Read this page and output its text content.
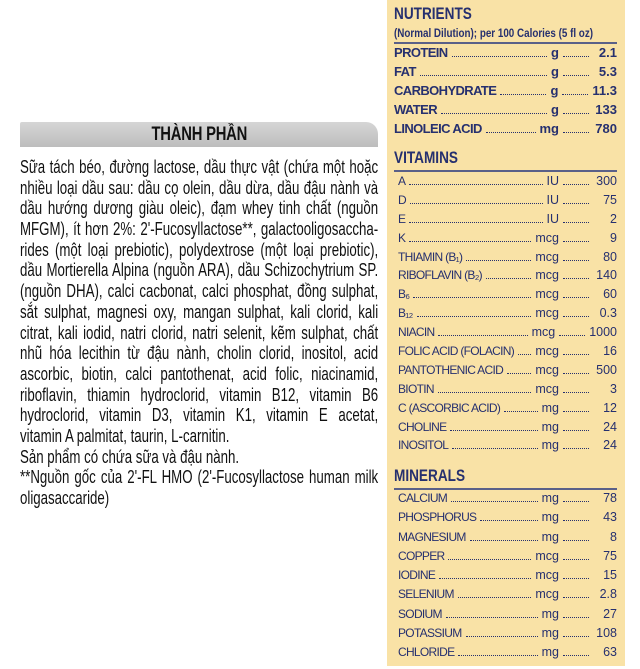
THÀNH PHẦN
Sữa tách béo, đường lactose, dầu thực vật (chứa một hoặc
nhiều loại dầu sau: dầu cọ olein, dầu dừa, dầu đậu nành và
dầu hướng dương giàu oleic), đạm whey tinh chất (nguồn
MFGM), ít hơn 2%: 2'-Fucosyllactose**, galactooligosaccha-
rides (một loại prebiotic), polydextrose (một loại prebiotic),
dầu Mortierella Alpina (nguồn ARA), dầu Schizochytrium SP.
(nguồn DHA), calci cacbonat, calci phosphat, đồng sulphat,
sắt sulphat, magnesi oxy, mangan sulphat, kali clorid, kali
citrat, kali iodid, natri clorid, natri selenit, kẽm sulphat, chất
nhũ hóa lecithin từ đậu nành, cholin clorid, inositol, acid
ascorbic, biotin, calci pantothenat, acid folic, niacinamid,
riboflavin, thiamin hydroclorid, vitamin B12, vitamin B6
hydroclorid, vitamin D3, vitamin K1, vitamin E acetat,
vitamin A palmitat, taurin, L-carnitin.
Sản phẩm có chứa sữa và đậu nành.
**Nguồn gốc của 2'-FL HMO (2'-Fucosyllactose human milk
oligasaccaride)
NUTRIENTS
(Normal Dilution); per 100 Calories (5 fl oz)
PROTEIN	g	2.1
FAT	g	5.3
CARBOHYDRATE	g	11.3
WATER	g	133
LINOLEIC ACID	mg	780
VITAMINS
A	IU	300
D	IU	75
E	IU	2
K	mcg	9
THIAMIN (B₁)	mcg	80
RIBOFLAVIN (B₂)	mcg	140
B₆	mcg	60
B₁₂	mcg	0.3
NIACIN	mcg	1000
FOLIC ACID (FOLACIN) mcg	16
PANTOTHENIC ACID	mcg	500
BIOTIN	mcg	3
C (ASCORBIC ACID)	mg	12
CHOLINE	mg	24
INOSITOL	mg	24
MINERALS
CALCIUM	mg	78
PHOSPHORUS	mg	43
MAGNESIUM	mg	8
COPPER	mcg	75
IODINE	mcg	15
SELENIUM	mcg	2.8
SODIUM	mg	27
POTASSIUM	mg	108
CHLORIDE	mg	63
